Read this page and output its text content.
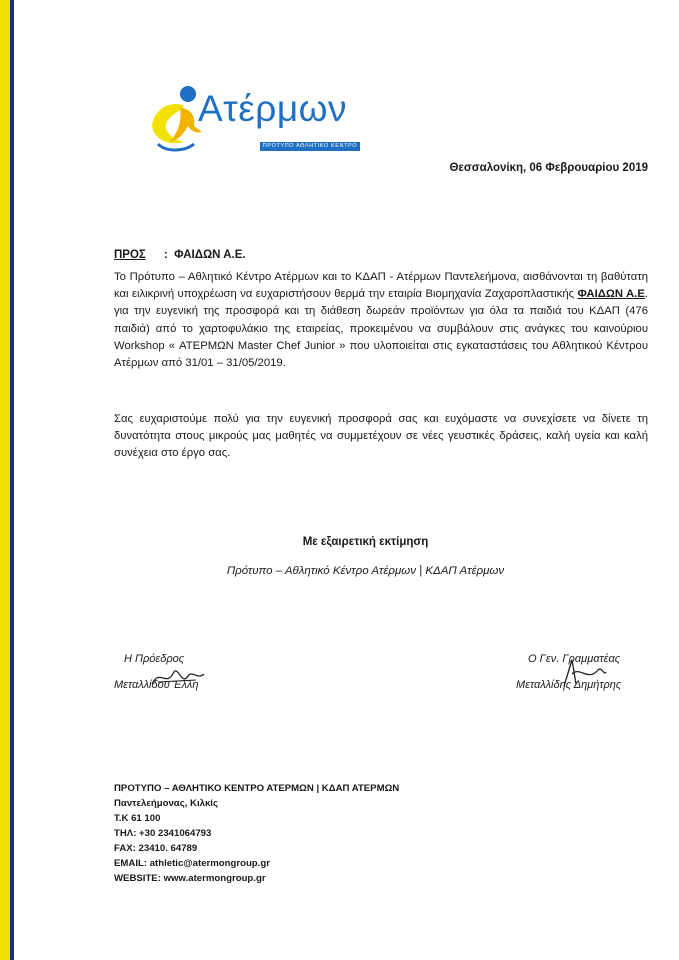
Ατέρμων
ΠΡΟΤΥΠΟ ΑΘΛΗΤΙΚΟ ΚΕΝΤΡΟ
Θεσσαλονίκη, 06 Φεβρουαρίου 2019
ΠΡΟΣ : ΦΑΙΔΩΝ Α.Ε.

Το Πρότυπο – Αθλητικό Κέντρο Ατέρμων και το ΚΔΑΠ - Ατέρμων Παντελεήμονα, αισθάνονται τη βαθύτατη και ειλικρινή υποχρέωση να ευχαριστήσουν θερμά την εταιρία Βιομηχανία Ζαχαροπλαστικής ΦΑΙΔΩΝ Α.Ε. για την ευγενική της προσφορά και τη διάθεση δωρεάν προϊόντων για όλα τα παιδιά του ΚΔΑΠ (476 παιδιά) από το χαρτοφυλάκιο της εταιρείας, προκειμένου να συμβάλουν στις ανάγκες του καινούριου Workshop « ΑΤΕΡΜΩΝ Master Chef Junior » που υλοποιείται στις εγκαταστάσεις του Αθλητικού Κέντρου Ατέρμων από 31/01 – 31/05/2019.

Σας ευχαριστούμε πολύ για την ευγενική προσφορά σας και ευχόμαστε να συνεχίσετε να δίνετε τη δυνατότητα στους μικρούς μας μαθητές να συμμετέχουν σε νέες γευστικές δράσεις, καλή υγεία και καλή συνέχεια στο έργο σας.

Με εξαιρετική εκτίμηση
Πρότυπο – Αθλητικό Κέντρο Ατέρμων | ΚΔΑΠ Ατέρμων
Η Πρόεδρος
Μεταλλίδου Έλλη
Ο Γεν. Γραμματέας
Μεταλλίδης Δημήτρης
ΠΡΟΤΥΠΟ – ΑΘΛΗΤΙΚΟ ΚΕΝΤΡΟ ΑΤΕΡΜΩΝ | ΚΔΑΠ ΑΤΕΡΜΩΝ
Παντελεήμονας, Κιλκίς
Τ.Κ 61 100
ΤΗΛ: +30 2341064793
FAX: 23410. 64789
EMAIL: athletic@atermongroup.gr
WEBSITE: www.atermongroup.gr
